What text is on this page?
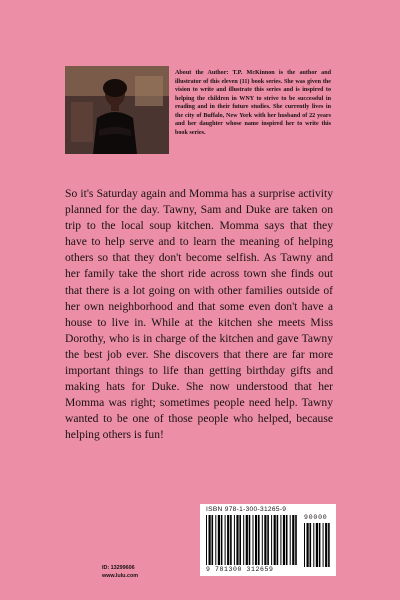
About the Author: T.P. McKinnon is the author and illustrator of this eleven (11) book series. She was given the vision to write and illustrate this series and is inspired to helping the children in WNY to strive to be successful in reading and in their future studies. She currently lives in the city of Buffalo, New York with her husband of 22 years and her daughter whose name inspired her to write this book series.

So it's Saturday again and Momma has a surprise activity planned for the day. Tawny, Sam and Duke are taken on trip to the local soup kitchen. Momma says that they have to help serve and to learn the meaning of helping others so that they don't become selfish. As Tawny and her family take the short ride across town she finds out that there is a lot going on with other families outside of her own neighborhood and that some even don't have a house to live in. While at the kitchen she meets Miss Dorothy, who is in charge of the kitchen and gave Tawny the best job ever. She discovers that there are far more important things to life than getting birthday gifts and making hats for Duke. She now understood that her Momma was right; sometimes people need help. Tawny wanted to be one of those people who helped, because helping others is fun!

ISBN 978-1-300-31265-9
9 781300 312659
90000
ID: 13299606
www.lulu.com
